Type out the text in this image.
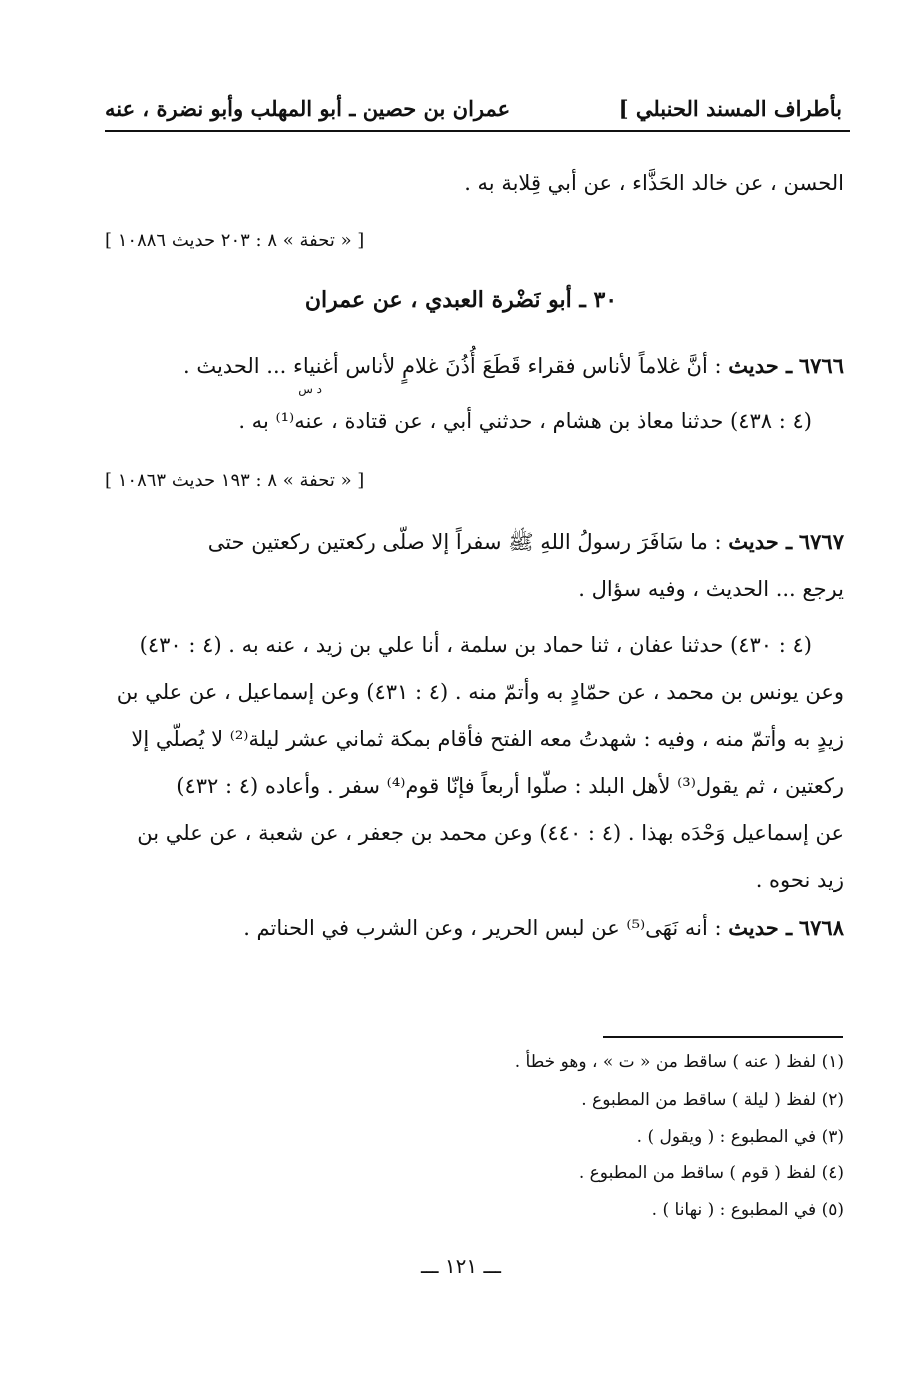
بأطراف المسند الحنبلي ]
عمران بن حصين ـ أبو المهلب وأبو نضرة ، عنه
الحسن ، عن خالد الحَذَّاء ، عن أبي قِلابة به .
[ « تحفة » ٨ : ٢٠٣ حديث ١٠٨٨٦ ]
٣٠ ـ أبو نَضْرة العبدي ، عن عمران
٦٧٦٦ ـ حديث : أنَّ غلاماً لأناس فقراء قَطَعَ أُذُنَ غلامٍ لأناس أغنياء ... الحديث .
د س
(٤ : ٤٣٨) حدثنا معاذ بن هشام ، حدثني أبي ، عن قتادة ، عنه⁽¹⁾ به .
[ « تحفة » ٨ : ١٩٣ حديث ١٠٨٦٣ ]
٦٧٦٧ ـ حديث : ما سَافَرَ رسولُ اللهِ ﷺ سفراً إلا صلّى ركعتين ركعتين حتى
يرجع ... الحديث ، وفيه سؤال .
(٤ : ٤٣٠) حدثنا عفان ، ثنا حماد بن سلمة ، أنا علي بن زيد ، عنه به . (٤ : ٤٣٠)
وعن يونس بن محمد ، عن حمّادٍ به وأتمّ منه . (٤ : ٤٣١) وعن إسماعيل ، عن علي بن
زيدٍ به وأتمّ منه ، وفيه : شهدتُ معه الفتح فأقام بمكة ثماني عشر ليلة⁽²⁾ لا يُصلّي إلا
ركعتين ، ثم يقول⁽³⁾ لأهل البلد : صلّوا أربعاً فإنّا قوم⁽⁴⁾ سفر . وأعاده (٤ : ٤٣٢)
عن إسماعيل وَحْدَه بهذا . (٤ : ٤٤٠) وعن محمد بن جعفر ، عن شعبة ، عن علي بن
زيد نحوه .
٦٧٦٨ ـ حديث : أنه نَهَى⁽⁵⁾ عن لبس الحرير ، وعن الشرب في الحناتم .
(١) لفظ ( عنه ) ساقط من « ت » ، وهو خطأ .
(٢) لفظ ( ليلة ) ساقط من المطبوع .
(٣) في المطبوع : ( ويقول ) .
(٤) لفظ ( قوم ) ساقط من المطبوع .
(٥) في المطبوع : ( نهانا ) .
ـــ ١٢١ ـــ
